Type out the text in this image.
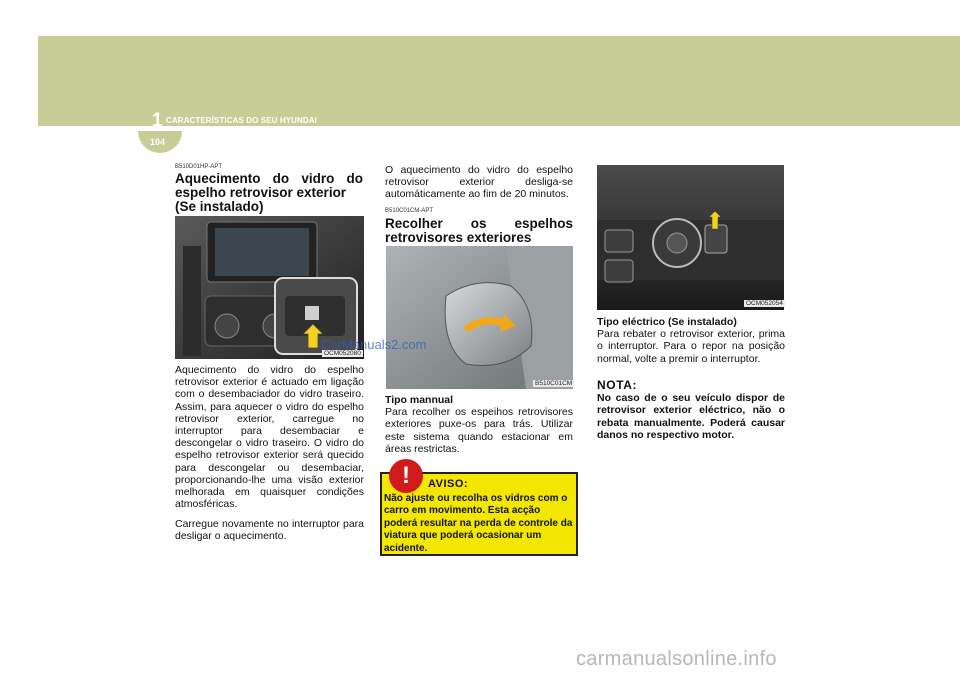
1 CARACTERÍSTICAS DO SEU HYUNDAI
104
B510D01HP-APT
Aquecimento do vidro do
espelho retrovisor exterior
(Se instalado)
OCM052080
Aquecimento do vidro do espelho retrovisor exterior é actuado em ligação com o desembaciador do vidro traseiro. Assim, para aquecer o vidro do espelho retrovisor exterior, carregue no interruptor para desembaciar e descongelar o vidro traseiro. O vidro do espelho retrovisor exterior será quecido para descongelar ou desembaciar, proporcionando-lhe uma visão exterior melhorada em quaisquer condições atmosféricas.
Carregue novamente no interruptor para desligar o aquecimento.
O aquecimento do vidro do espelho retrovisor exterior desliga-se automáticamente ao fim de 20 minutos.
B510C01CM-APT
Recolher os espelhos
retrovisores exteriores
B510C01CM
Tipo mannual
Para recolher os espeihos retrovisores exteriores puxe-os para trás. Utilizar este sistema quando estacionar em áreas restrictas.
!	AVISO:
Não ajuste ou recolha os vidros com o carro em movimento. Esta acção poderá resultar na perda de controle da viatura que poderá ocasionar um acidente.
OCM052054
Tipo eléctrico (Se instalado)
Para rebater o retrovisor exterior, prima o interruptor. Para o repor na posição normal, volte a premir o interruptor.
NOTA:
No caso de o seu veículo dispor de retrovisor exterior eléctrico, não o rebata manualmente. Poderá causar danos no respectivo motor.
CarManuals2.com
carmanualsonline.info
